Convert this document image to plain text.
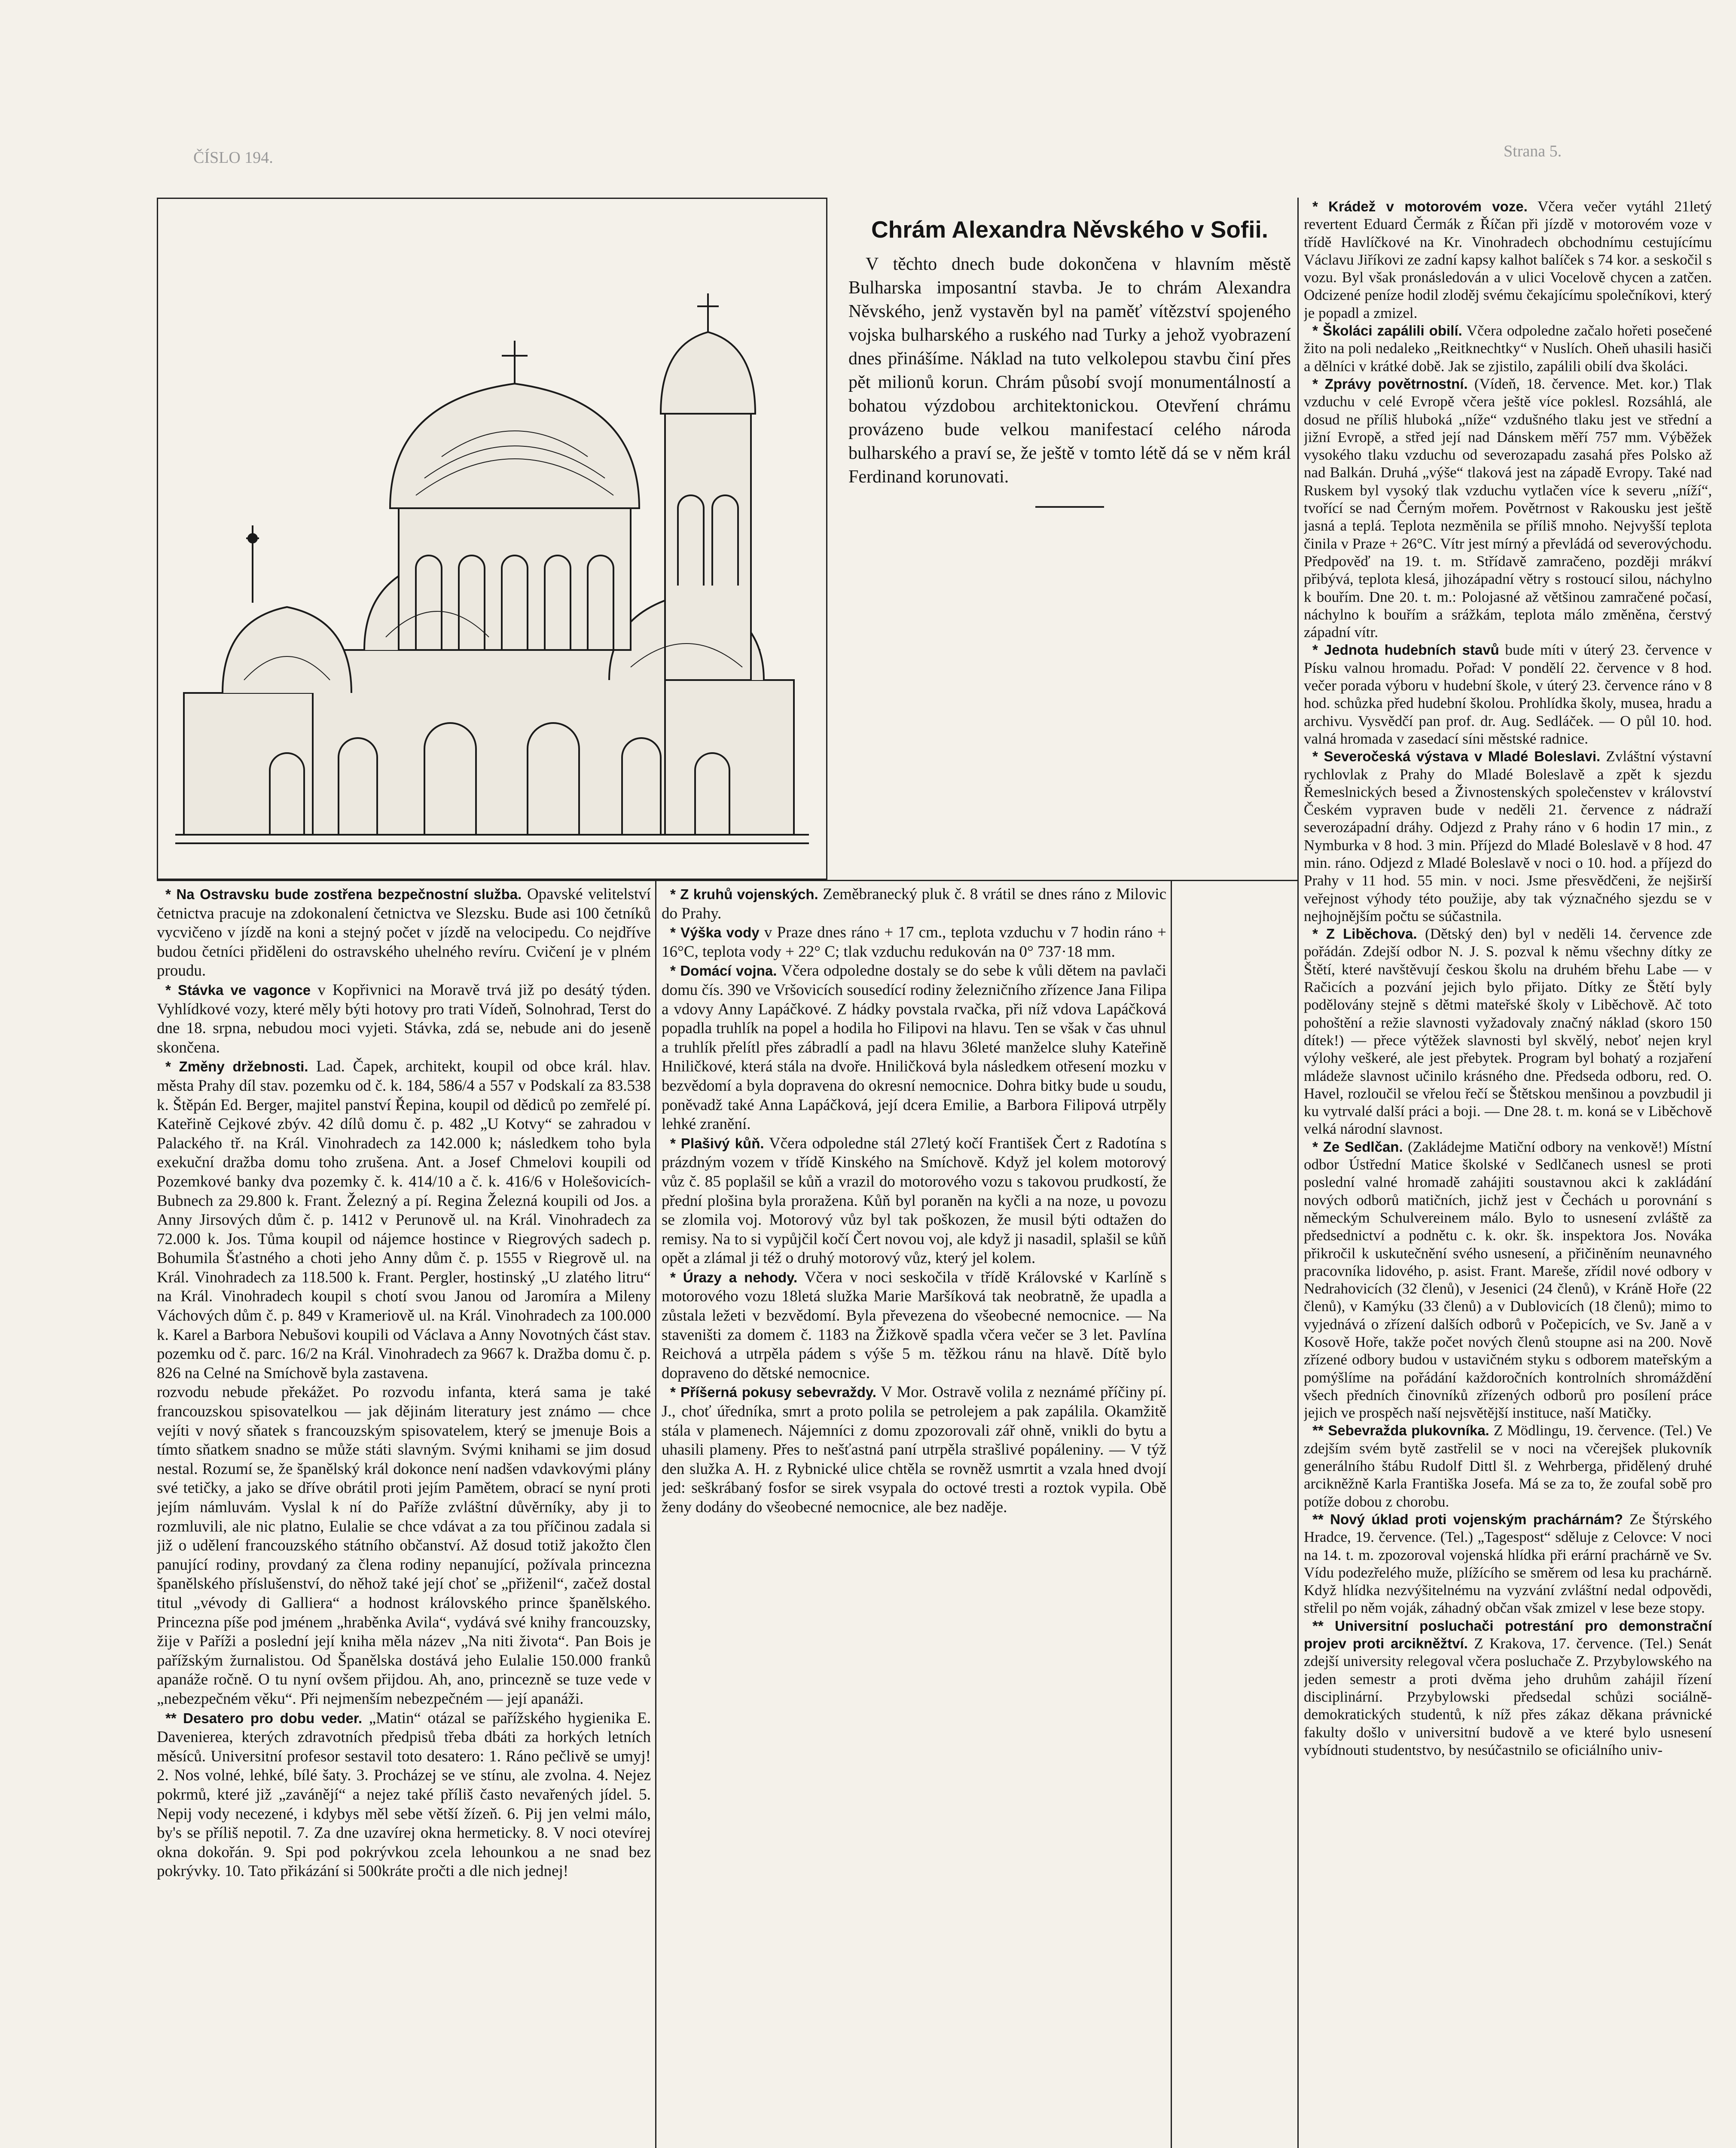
ČÍSLO 194.	Strana 5.
Chrám Alexandra Něvského v Sofii.
V těchto dnech bude dokončena v hlavním městě Bulharska imposantní stavba. Je to chrám Alexandra Něvského, jenž vystavěn byl na paměť vítězství spojeného vojska bulharského a ruského nad Turky a jehož vyobrazení dnes přinášíme. Náklad na tuto velkolepou stavbu činí přes pět milionů korun. Chrám působí svojí monumentálností a bohatou výzdobou architektonickou. Otevření chrámu provázeno bude velkou manifestací celého národa bulharského a praví se, že ještě v tomto létě dá se v něm král Ferdinand korunovati.

* Na Ostravsku bude zostřena bezpečnostní služba. Opavské velitelství četnictva pracuje na zdokonalení četnictva ve Slezsku. Bude asi 100 četníků vycvičeno v jízdě na koni a stejný počet v jízdě na velocipedu. Co nejdříve budou četníci přiděleni do ostravského uhelného revíru. Cvičení je v plném proudu.

* Stávka ve vagonce v Kopřivnici na Moravě trvá již po desátý týden. Vyhlídkové vozy, které měly býti hotovy pro trati Vídeň, Solnohrad, Terst do dne 18. srpna, nebudou moci vyjeti. Stávka, zdá se, nebude ani do jeseně skončena.

* Změny držebnosti. Lad. Čapek, architekt, koupil od obce král. hlav. města Prahy díl stav. pozemku od č. k. 184, 586/4 a 557 v Podskalí za 83.538 k. Štěpán Ed. Berger, majitel panství Řepina, koupil od dědiců po zemřelé pí. Kateřině Cejkové zbýv. 42 dílů domu č. p. 482 „U Kotvy“ se zahradou v Palackého tř. na Král. Vinohradech za 142.000 k; následkem toho byla exekuční dražba domu toho zrušena. Ant. a Josef Chmelovi koupili od Pozemkové banky dva pozemky č. k. 414/10 a č. k. 416/6 v Holešovicích-Bubnech za 29.800 k. Frant. Železný a pí. Regina Železná koupili od Jos. a Anny Jirsových dům č. p. 1412 v Perunově ul. na Král. Vinohradech za 72.000 k. Jos. Tůma koupil od nájemce hostince v Riegrových sadech p. Bohumila Šťastného a choti jeho Anny dům č. p. 1555 v Riegrově ul. na Král. Vinohradech za 118.500 k. Frant. Pergler, hostinský „U zlatého litru“ na Král. Vinohradech koupil s chotí svou Janou od Jaromíra a Mileny Váchových dům č. p. 849 v Krameriově ul. na Král. Vinohradech za 100.000 k. Karel a Barbora Nebušovi koupili od Václava a Anny Novotných část stav. pozemku od č. parc. 16/2 na Král. Vinohradech za 9667 k. Dražba domu č. p. 826 na Celné na Smíchově byla zastavena.

rozvodu nebude překážet. Po rozvodu infanta, která sama je také francouzskou spisovatelkou — jak dějinám literatury jest známo — chce vejíti v nový sňatek s francouzským spisovatelem, který se jmenuje Bois a tímto sňatkem snadno se může státi slavným. Svými knihami se jim dosud nestal. Rozumí se, že španělský král dokonce není nadšen vdavkovými plány své tetičky, a jako se dříve obrátil proti jejím Pamětem, obrací se nyní proti jejím námluvám. Vyslal k ní do Paříže zvláštní důvěrníky, aby ji to rozmluvili, ale nic platno, Eulalie se chce vdávat a za tou příčinou zadala si již o udělení francouzského státního občanství. Až dosud totiž jakožto člen panující rodiny, provdaný za člena rodiny nepanující, požívala princezna španělského příslušenství, do něhož také její choť se „přiženil“, začež dostal titul „vévody di Galliera“ a hodnost královského prince španělského. Princezna píše pod jménem „hraběnka Avila“, vydává své knihy francouzsky, žije v Paříži a poslední její kniha měla název „Na niti života“. Pan Bois je pařížským žurnalistou. Od Španělska dostává jeho Eulalie 150.000 franků apanáže ročně. O tu nyní ovšem přijdou. Ah, ano, princezně se tuze vede v „nebezpečném věku“. Při nejmenším nebezpečném — její apanáži.

** Desatero pro dobu veder. „Matin“ otázal se pařížského hygienika E. Davenierea, kterých zdravotních předpisů třeba dbáti za horkých letních měsíců. Universitní profesor sestavil toto desatero: 1. Ráno pečlivě se umyj! 2. Nos volné, lehké, bílé šaty. 3. Procházej se ve stínu, ale zvolna. 4. Nejez pokrmů, které již „zavánějí“ a nejez také příliš často nevařených jídel. 5. Nepij vody necezené, i kdybys měl sebe větší žízeň. 6. Pij jen velmi málo, by's se příliš nepotil. 7. Za dne uzavírej okna hermeticky. 8. V noci otevírej okna dokořán. 9. Spi pod pokrývkou zcela lehounkou a ne snad bez pokrývky. 10. Tato přikázání si 500kráte pročti a dle nich jednej!

* Z kruhů vojenských. Zeměbranecký pluk č. 8 vrátil se dnes ráno z Milovic do Prahy.

* Výška vody v Praze dnes ráno + 17 cm., teplota vzduchu v 7 hodin ráno + 16°C, teplota vody + 22° C; tlak vzduchu redukován na 0° 737·18 mm.

* Domácí vojna. Včera odpoledne dostaly se do sebe k vůli dětem na pavlači domu čís. 390 ve Vršovicích sousedící rodiny železničního zřízence Jana Filipa a vdovy Anny Lapáčkové. Z hádky povstala rvačka, při níž vdova Lapáčková popadla truhlík na popel a hodila ho Filipovi na hlavu. Ten se však v čas uhnul a truhlík přelítl přes zábradlí a padl na hlavu 36leté manželce sluhy Kateřině Hniličkové, která stála na dvoře. Hniličková byla následkem otřesení mozku v bezvědomí a byla dopravena do okresní nemocnice. Dohra bitky bude u soudu, poněvadž také Anna Lapáčková, její dcera Emilie, a Barbora Filipová utrpěly lehké zranění.

* Plašivý kůň. Včera odpoledne stál 27letý kočí František Čert z Radotína s prázdným vozem v třídě Kinského na Smíchově. Když jel kolem motorový vůz č. 85 poplašil se kůň a vrazil do motorového vozu s takovou prudkostí, že přední plošina byla proražena. Kůň byl poraněn na kyčli a na noze, u povozu se zlomila voj. Motorový vůz byl tak poškozen, že musil býti odtažen do remisy. Na to si vypůjčil kočí Čert novou voj, ale když ji nasadil, splašil se kůň opět a zlámal ji též o druhý motorový vůz, který jel kolem.

* Úrazy a nehody. Včera v noci seskočila v třídě Královské v Karlíně s motorového vozu 18letá služka Marie Maršíková tak neobratně, že upadla a zůstala ležeti v bezvědomí. Byla převezena do všeobecné nemocnice. — Na staveništi za domem č. 1183 na Žižkově spadla včera večer se 3 let. Pavlína Reichová a utrpěla pádem s výše 5 m. těžkou ránu na hlavě. Dítě bylo dopraveno do dětské nemocnice.

* Příšerná pokusy sebevraždy. V Mor. Ostravě volila z neznámé příčiny pí. J., choť úředníka, smrt a proto polila se petrolejem a pak zapálila. Okamžitě stála v plamenech. Nájemníci z domu zpozorovali zář ohně, vnikli do bytu a uhasili plameny. Přes to nešťastná paní utrpěla strašlivé popáleniny. — V týž den služka A. H. z Rybnické ulice chtěla se rovněž usmrtit a vzala hned dvojí jed: seškrábaný fosfor se sirek vsypala do octové tresti a roztok vypila. Obě ženy dodány do všeobecné nemocnice, ale bez naděje.

* Krádež v motorovém voze. Včera večer vytáhl 21letý revertent Eduard Čermák z Říčan při jízdě v motorovém voze v třídě Havlíčkové na Kr. Vinohradech obchodnímu cestujícímu Václavu Jiříkovi ze zadní kapsy kalhot balíček s 74 kor. a seskočil s vozu. Byl však pronásledován a v ulici Vocelově chycen a zatčen. Odcizené peníze hodil zloděj svému čekajícímu společníkovi, který je popadl a zmizel.

* Školáci zapálili obilí. Včera odpoledne začalo hořeti posečené žito na poli nedaleko „Reitknechtky“ v Nuslích. Oheň uhasili hasiči a dělníci v krátké době. Jak se zjistilo, zapálili obilí dva školáci.

* Zprávy povětrnostní. (Vídeň, 18. července. Met. kor.) Tlak vzduchu v celé Evropě včera ještě více poklesl. Rozsáhlá, ale dosud ne příliš hluboká „níže“ vzdušného tlaku jest ve střední a jižní Evropě, a střed její nad Dánskem měří 757 mm. Výběžek vysokého tlaku vzduchu od severozapadu zasahá přes Polsko až nad Balkán. Druhá „výše“ tlaková jest na západě Evropy. Také nad Ruskem byl vysoký tlak vzduchu vytlačen více k severu „níží“, tvořící se nad Černým mořem. Povětrnost v Rakousku jest ještě jasná a teplá. Teplota nezměnila se příliš mnoho. Nejvyšší teplota činila v Praze + 26°C. Vítr jest mírný a převládá od severovýchodu. Předpověď na 19. t. m. Střídavě zamračeno, později mrákví přibývá, teplota klesá, jihozápadní větry s rostoucí silou, náchylno k bouřím. Dne 20. t. m.: Polojasné až většinou zamračené počasí, náchylno k bouřím a srážkám, teplota málo změněna, čerstvý západní vítr.

* Jednota hudebních stavů bude míti v úterý 23. července v Písku valnou hromadu. Pořad: V pondělí 22. července v 8 hod. večer porada výboru v hudební škole, v úterý 23. července ráno v 8 hod. schůzka před hudební školou. Prohlídka školy, musea, hradu a archivu. Vysvědčí pan prof. dr. Aug. Sedláček. — O půl 10. hod. valná hromada v zasedací síni městské radnice.

* Severočeská výstava v Mladé Boleslavi. Zvláštní výstavní rychlovlak z Prahy do Mladé Boleslavě a zpět k sjezdu Řemeslnických besed a Živnostenských společenstev v království Českém vypraven bude v neděli 21. července z nádraží severozápadní dráhy. Odjezd z Prahy ráno v 6 hodin 17 min., z Nymburka v 8 hod. 3 min. Příjezd do Mladé Boleslavě v 8 hod. 47 min. ráno. Odjezd z Mladé Boleslavě v noci o 10. hod. a příjezd do Prahy v 11 hod. 55 min. v noci. Jsme přesvědčeni, že nejširší veřejnost výhody této použije, aby tak význačného sjezdu se v nejhojnějším počtu se súčastnila.

* Z Liběchova. (Dětský den) byl v neděli 14. července zde pořádán. Zdejší odbor N. J. S. pozval k němu všechny dítky ze Štětí, které navštěvují českou školu na druhém břehu Labe — v Račicích a pozvání jejich bylo přijato. Dítky ze Štětí byly podělovány stejně s dětmi mateřské školy v Liběchově. Ač toto pohoštění a režie slavnosti vyžadovaly značný náklad (skoro 150 dítek!) — přece výtěžek slavnosti byl skvělý, neboť nejen kryl výlohy veškeré, ale jest přebytek. Program byl bohatý a rozjaření mládeže slavnost učinilo krásného dne. Předseda odboru, red. O. Havel, rozloučil se vřelou řečí se Štětskou menšinou a povzbudil ji ku vytrvalé další práci a boji. — Dne 28. t. m. koná se v Liběchově velká národní slavnost.

* Ze Sedlčan. (Zakládejme Matiční odbory na venkově!) Místní odbor Ústřední Matice školské v Sedlčanech usnesl se proti poslední valné hromadě zahájiti soustavnou akci k zakládání nových odborů matičních, jichž jest v Čechách u porovnání s německým Schulvereinem málo. Bylo to usnesení zvláště za předsednictví a podnětu c. k. okr. šk. inspektora Jos. Nováka přikročil k uskutečnění svého usnesení, a přičiněním neunavného pracovníka lidového, p. asist. Frant. Mareše, zřídil nové odbory v Nedrahovicích (32 členů), v Jesenici (24 členů), v Kráně Hoře (22 členů), v Kamýku (33 členů) a v Dublovicích (18 členů); mimo to vyjednává o zřízení dalších odborů v Počepicích, ve Sv. Janě a v Kosově Hoře, takže počet nových členů stoupne asi na 200. Nově zřízené odbory budou v ustavičném styku s odborem mateřským a pomýšlíme na pořádání každoročních kontrolních shromáždění všech předních činovníků zřízených odborů pro posílení práce jejich ve prospěch naší nejsvětější instituce, naší Matičky.

** Sebevražda plukovníka. Z Mödlingu, 19. července. (Tel.) Ve zdejším svém bytě zastřelil se v noci na včerejšek plukovník generálního štábu Rudolf Dittl šl. z Wehrberga, přidělený druhé arcikněžně Karla Františka Josefa. Má se za to, že zoufal sobě pro potíže dobou z chorobu.

** Nový úklad proti vojenským prachárnám? Ze Štýrského Hradce, 19. července. (Tel.) „Tagespost“ sděluje z Celovce: V noci na 14. t. m. zpozoroval vojenská hlídka při erární prachárně ve Sv. Vídu podezřelého muže, plížícího se směrem od lesa ku prachárně. Když hlídka nezvýšitelnému na vyzvání zvláštní nedal odpovědi, střelil po něm voják, záhadný občan však zmizel v lese beze stopy.

** Universitní posluchači potrestání pro demonstrační projev proti arcikněžtví. Z Krakova, 17. července. (Tel.) Senát zdejší university relegoval včera posluchače Z. Przybylowského na jeden semestr a proti dvěma jeho druhům zahájil řízení disciplinární. Przybylowski předsedal schůzi sociálně-demokratických studentů, k níž přes zákaz děkana právnické fakulty došlo v universitní budově a ve které bylo usnesení vybídnouti studentstvo, by nesúčastnilo se oficiálního univ-
